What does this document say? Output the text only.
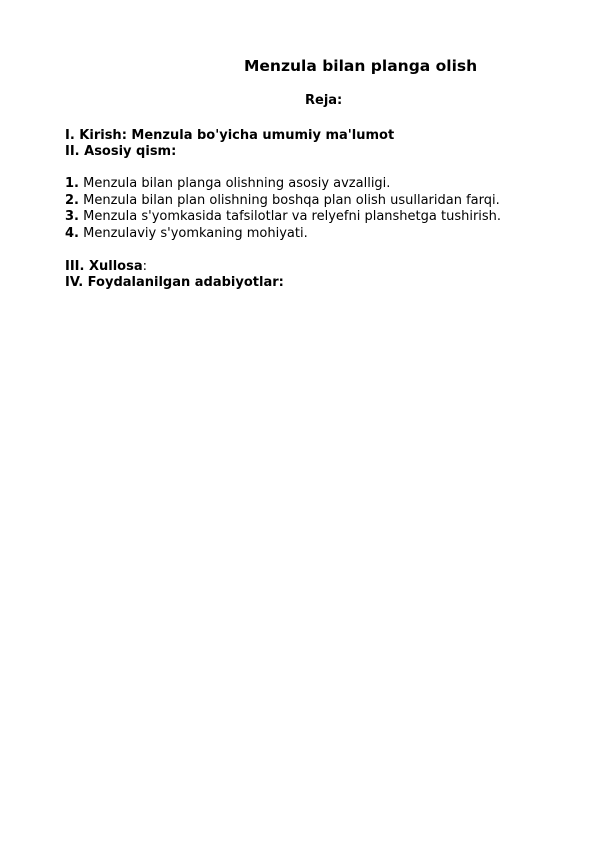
Menzula bilan planga olish
Reja:

I. Kirish: Menzula bo'yicha umumiy ma'lumot

II. Asosiy qism:

1. Menzula bilan planga olishning asosiy avzalligi.

2. Menzula bilan plan olishning boshqa plan olish usullaridan farqi.

3. Menzula s'yomkasida tafsilotlar va relyefni planshetga tushirish.

4. Menzulaviy s'yomkaning mohiyati.

III. Xullosa:

IV. Foydalanilgan adabiyotlar:
